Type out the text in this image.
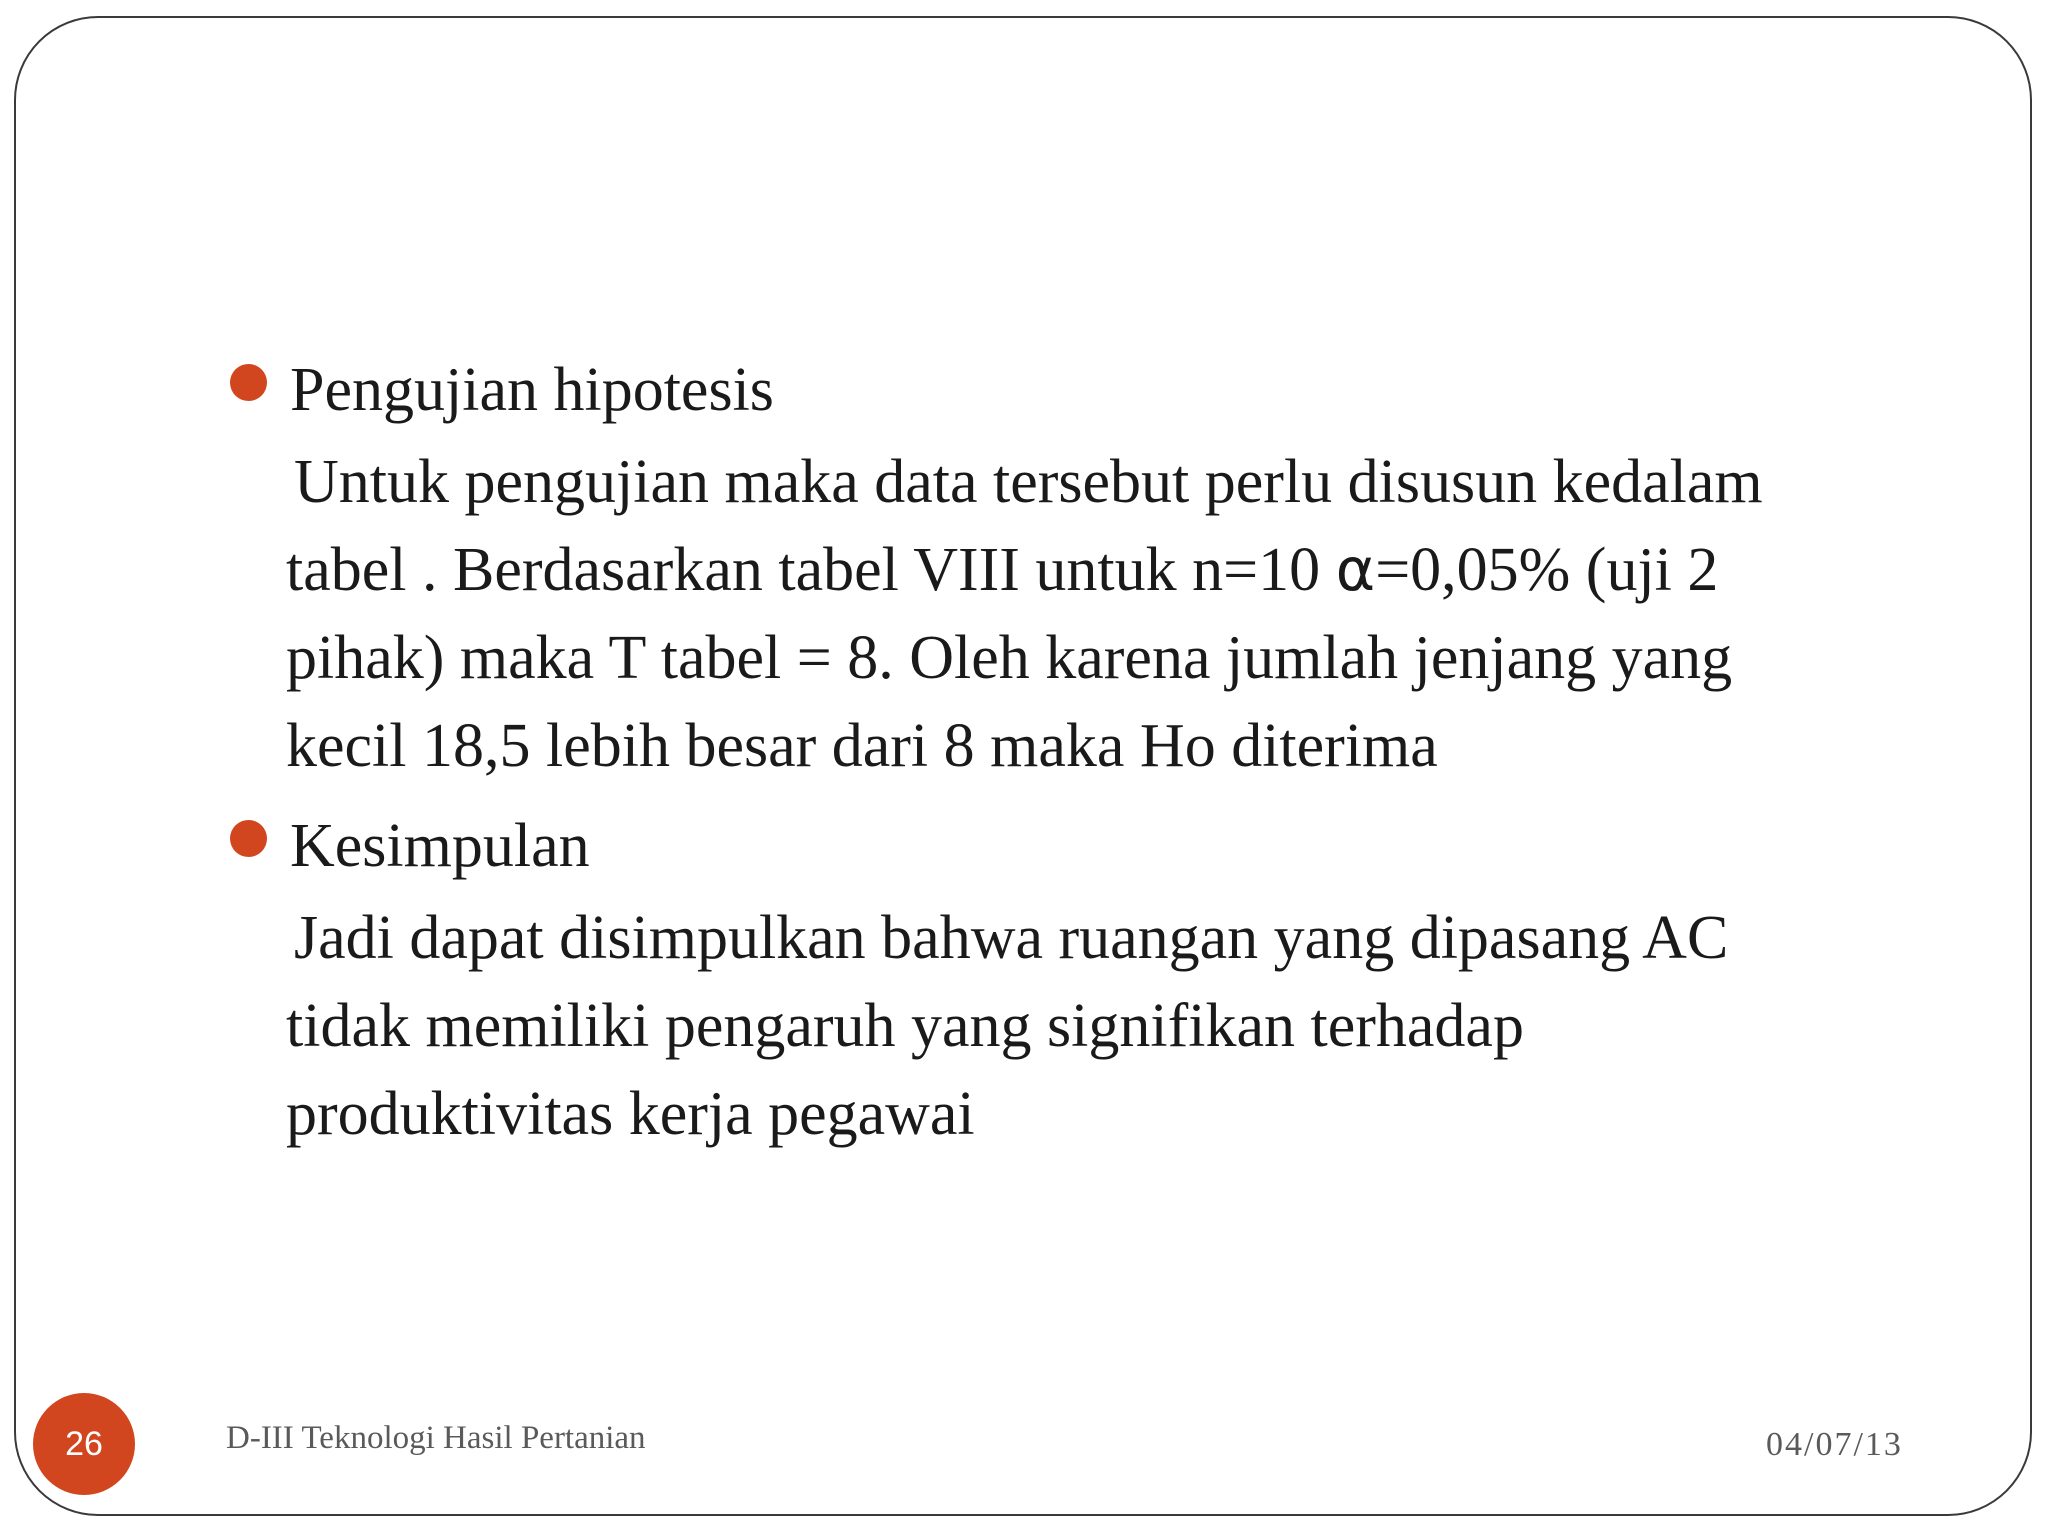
Pengujian hipotesis

Untuk pengujian maka data tersebut perlu disusun kedalam
tabel . Berdasarkan tabel VIII untuk n=10 α=0,05% (uji 2
pihak) maka T tabel = 8. Oleh karena jumlah jenjang yang
kecil 18,5 lebih besar dari 8 maka Ho diterima

Kesimpulan

Jadi dapat disimpulkan bahwa ruangan yang dipasang AC
tidak memiliki pengaruh yang signifikan terhadap
produktivitas kerja pegawai

26	D-III Teknologi Hasil Pertanian	04/07/13
